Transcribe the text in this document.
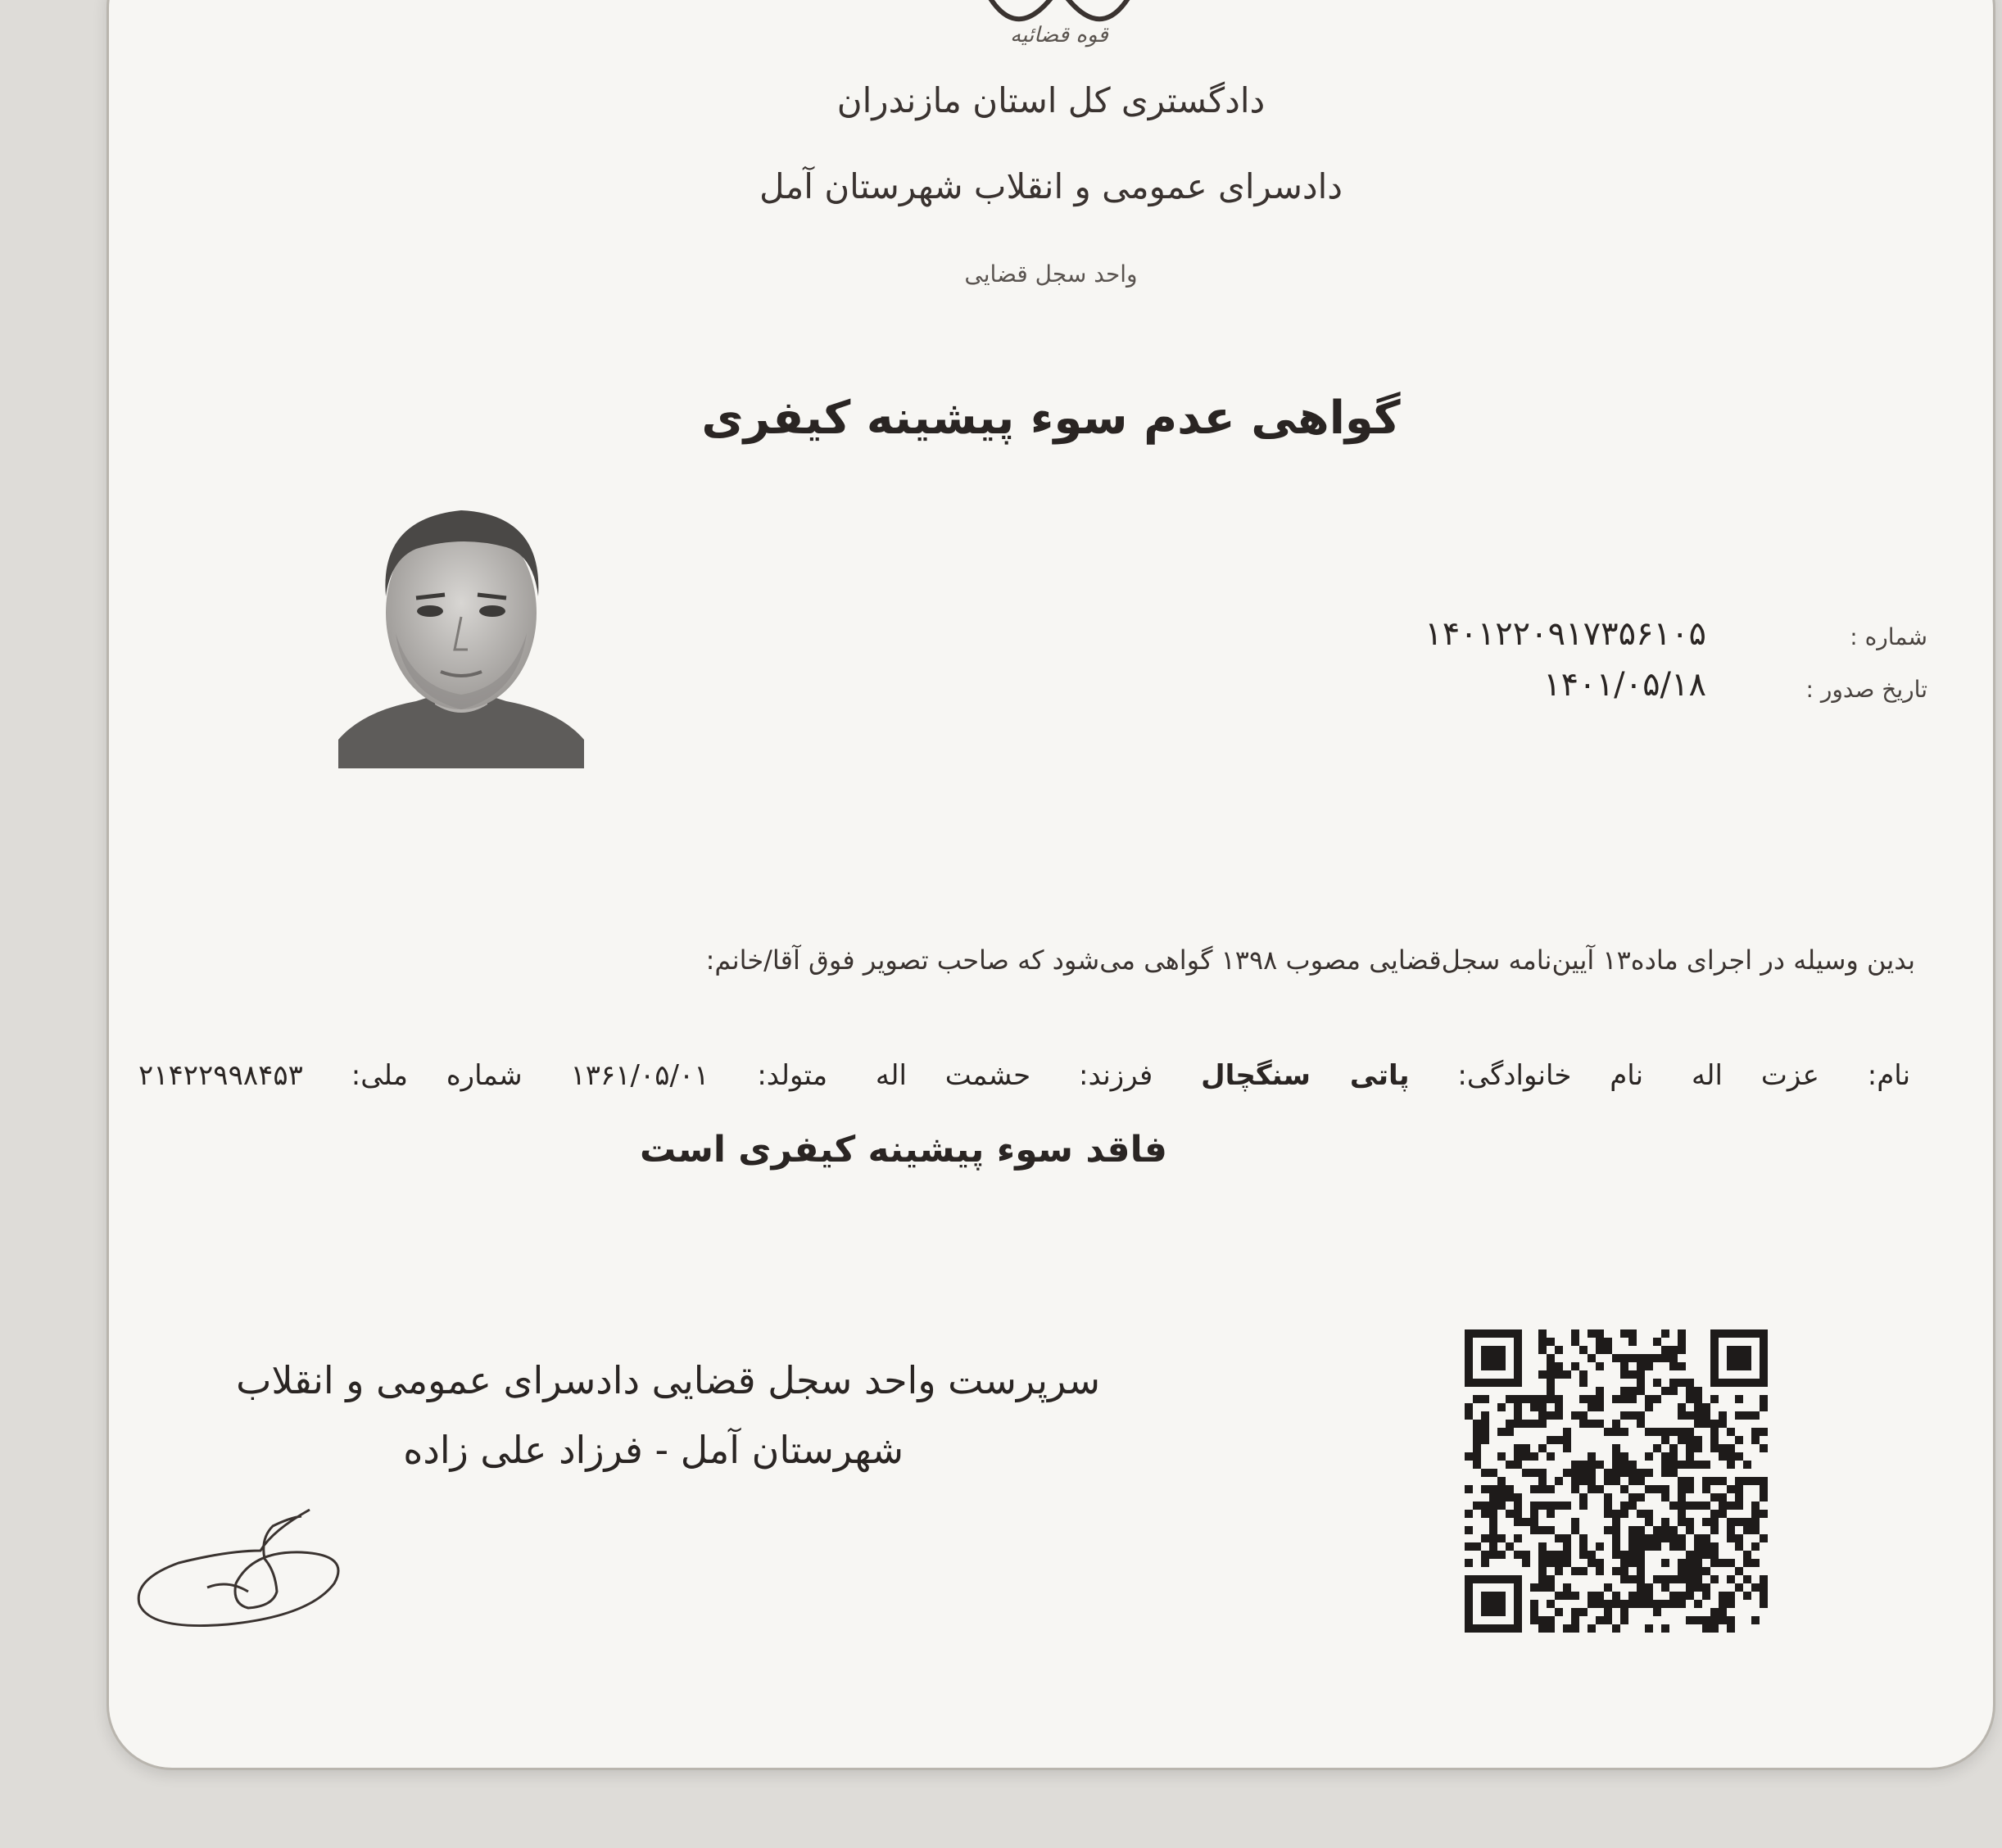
قوه قضائیه
دادگستری کل استان مازندران
دادسرای عمومی و انقلاب شهرستان آمل
واحد سجل قضایی
گواهی عدم سوء پیشینه کیفری
شماره :
۱۴۰۱۲۲۰۹۱۷۳۵۶۱۰۵
تاریخ صدور :
۱۴۰۱/۰۵/۱۸
بدین وسیله در اجرای ماده۱۳ آیین‌نامه سجل‌قضایی مصوب ۱۳۹۸ گواهی می‌شود که صاحب تصویر فوق آقا/خانم:
نام: عزت اله نام خانوادگی: پاتی سنگچال فرزند: حشمت اله متولد: ۱۳۶۱/۰۵/۰۱ شماره ملی: ۲۱۴۲۲۹۹۸۴۵۳
فاقد سوء پیشینه کیفری است
سرپرست واحد سجل قضایی دادسرای عمومی و انقلاب
شهرستان آمل - فرزاد علی زاده
